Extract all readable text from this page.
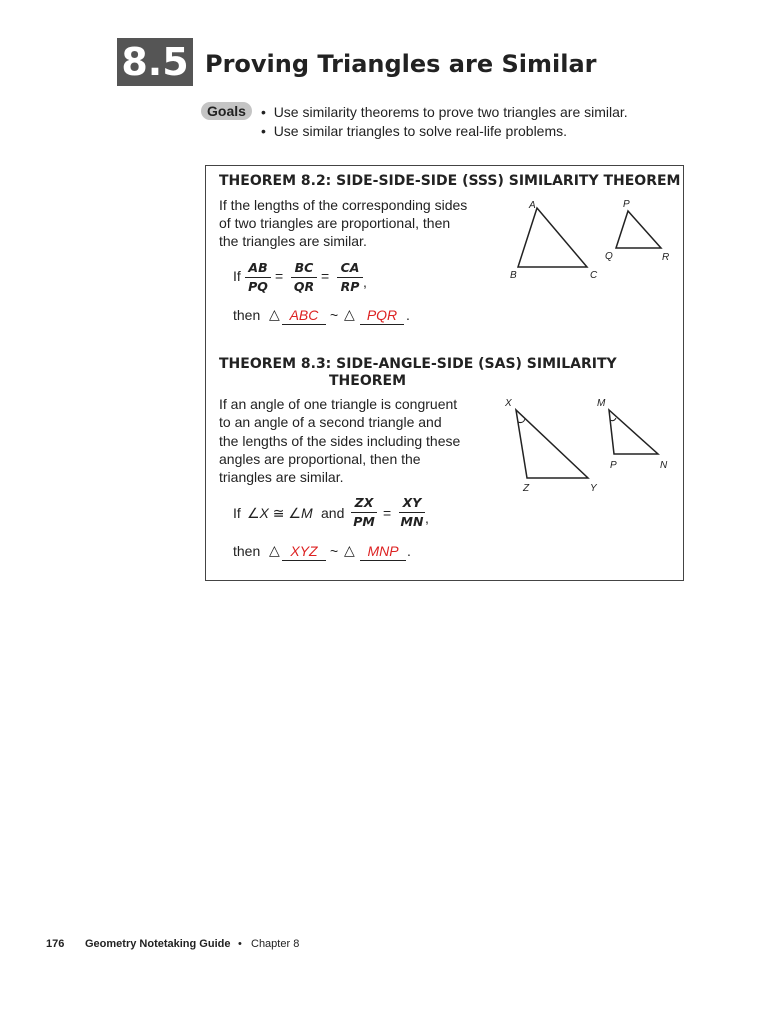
8.5 Proving Triangles are Similar
Goals	•  Use similarity theorems to prove two triangles are similar.
•  Use similar triangles to solve real-life problems.
THEOREM 8.2: SIDE-SIDE-SIDE (SSS) SIMILARITY THEOREM
If the lengths of the corresponding sides
of two triangles are proportional, then
the triangles are similar.
If
AB
PQ
=
BC
QR
=
CA
RP ,
then △ ABC ~ △ PQR .
A
B	C
P
Q	R
THEOREM 8.3: SIDE-ANGLE-SIDE (SAS) SIMILARITY
THEOREM
If an angle of one triangle is congruent
to an angle of a second triangle and
the lengths of the sides including these
angles are proportional, then the
triangles are similar.
If ∠X ≅ ∠M and
ZX
PM
=
XY
MN ,
then △ XYZ ~ △ MNP .
X
Z	Y
M
P	N
176 Geometry Notetaking Guide • Chapter 8
